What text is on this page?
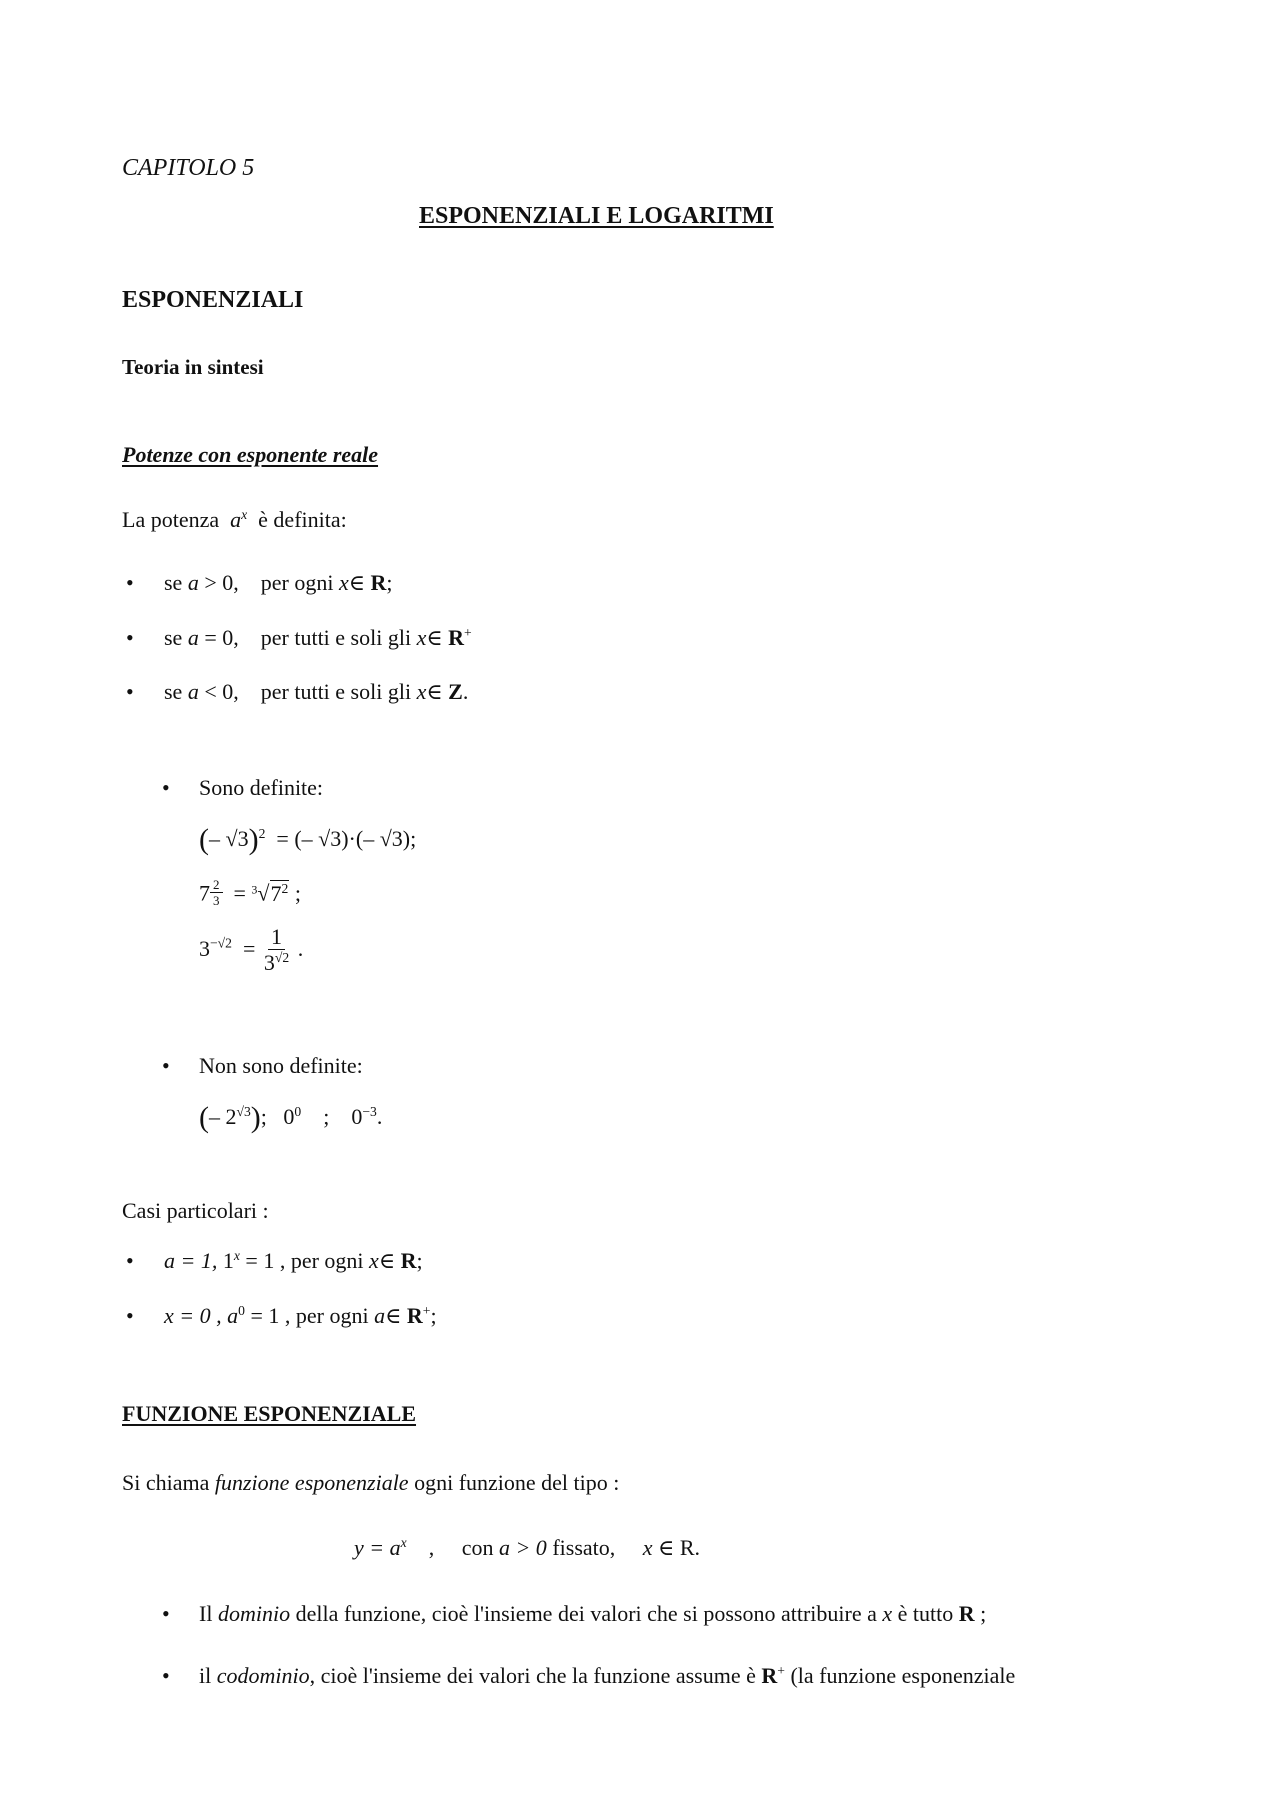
CAPITOLO 5
ESPONENZIALI E LOGARITMI
ESPONENZIALI
Teoria in sintesi
Potenze con esponente reale
La potenza $a^x$ è definita:
• se a > 0, per ogni x∈ R;
• se a = 0, per tutti e soli gli x∈ R+
• se a < 0, per tutti e soli gli x∈ Z.
• Sono definite:
(– √3)$^2$  = (– √3)·(– √3);
$7 \frac{2}{3} = ^3√7^2$ ;
$3^{-√2} = \frac{1}{3^{√2}}$ .
• Non sono definite:
(– $2^{√3}$); $0^0$ ; $0^{-3}$.
Casi particolari :
• a = 1, $1^x = 1$ , per ogni x∈ R;
• x = 0 , $a^0 = 1$ , per ogni a∈ R+;
FUNZIONE ESPONENZIALE
Si chiama funzione esponenziale ogni funzione del tipo :
$y = a^x$ , con a > 0 fissato, x ∈ R.
• Il dominio della funzione, cioè l'insieme dei valori che si possono attribuire a x è tutto R ;
• il codominio, cioè l'insieme dei valori che la funzione assume è R+ (la funzione esponenziale
